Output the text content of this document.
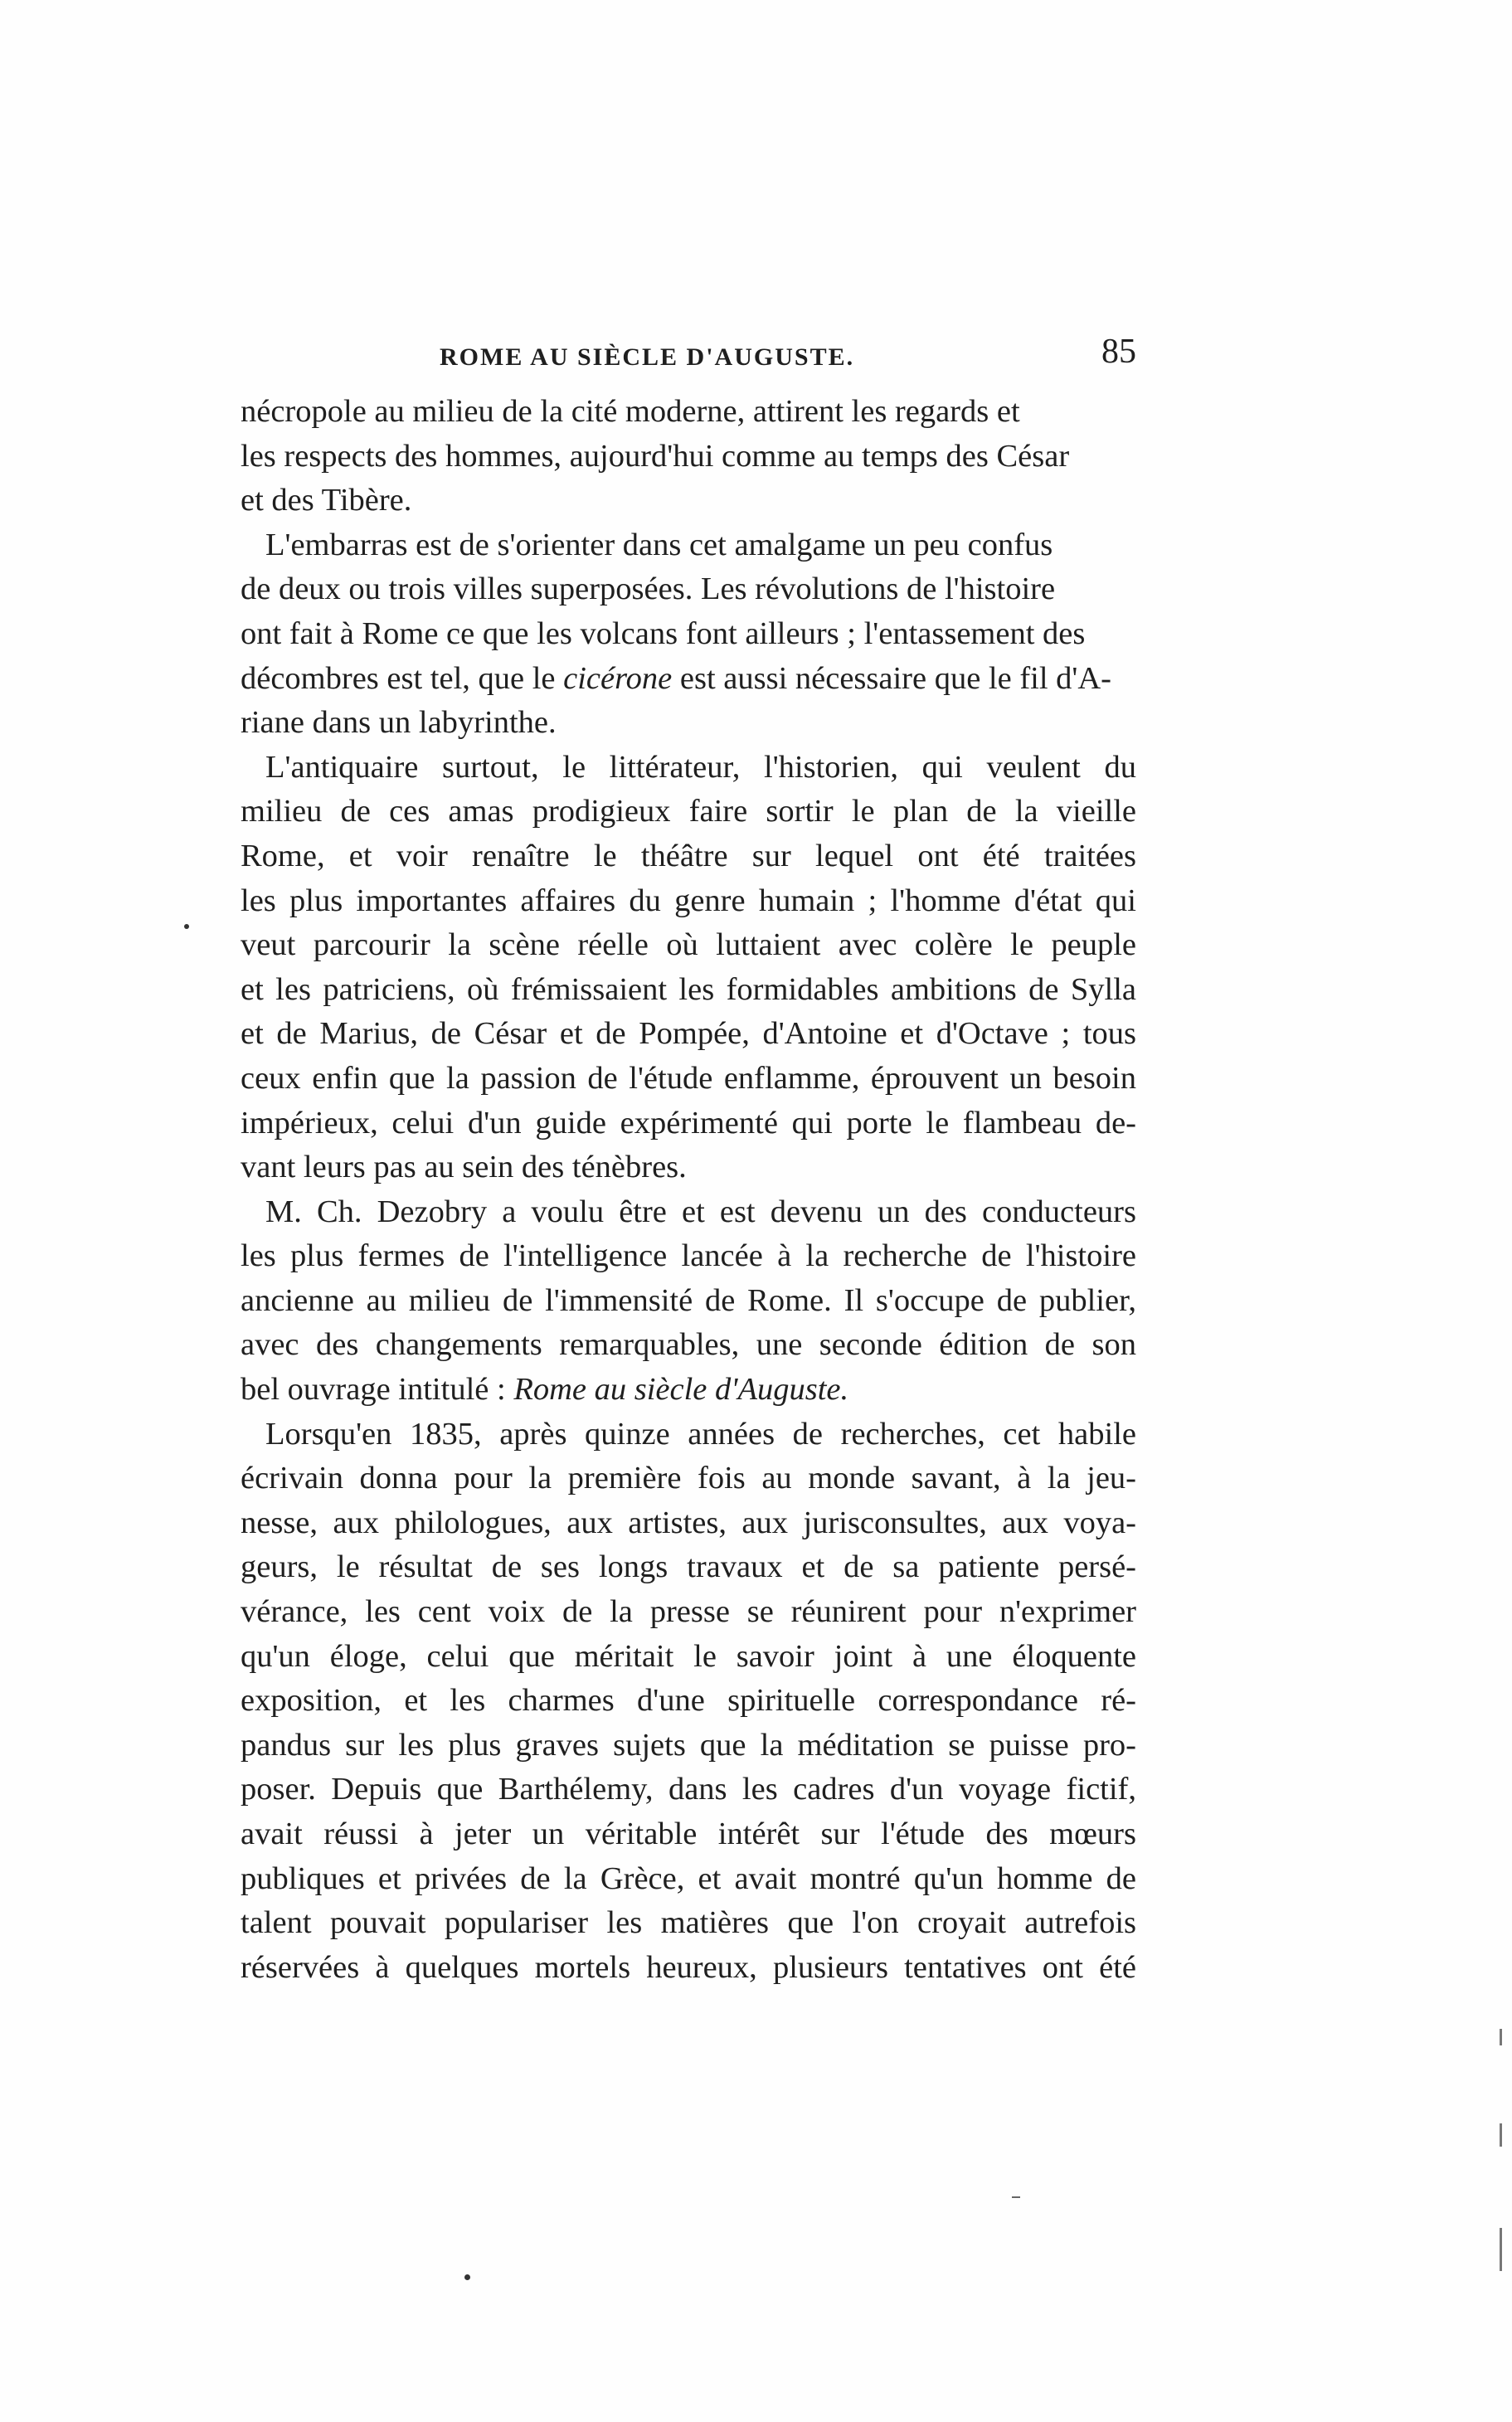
ROME AU SIÈCLE D'AUGUSTE.	85

nécropole au milieu de la cité moderne, attirent les regards et
les respects des hommes, aujourd'hui comme au temps des César
et des Tibère.

L'embarras est de s'orienter dans cet amalgame un peu confus
de deux ou trois villes superposées. Les révolutions de l'histoire
ont fait à Rome ce que les volcans font ailleurs ; l'entassement des
décombres est tel, que le cicérone est aussi nécessaire que le fil d'A-
riane dans un labyrinthe.

L'antiquaire surtout, le littérateur, l'historien, qui veulent du
milieu de ces amas prodigieux faire sortir le plan de la vieille
Rome, et voir renaître le théâtre sur lequel ont été traitées
les plus importantes affaires du genre humain ; l'homme d'état qui
veut parcourir la scène réelle où luttaient avec colère le peuple
et les patriciens, où frémissaient les formidables ambitions de Sylla
et de Marius, de César et de Pompée, d'Antoine et d'Octave ; tous
ceux enfin que la passion de l'étude enflamme, éprouvent un besoin
impérieux, celui d'un guide expérimenté qui porte le flambeau de-
vant leurs pas au sein des ténèbres.

M. Ch. Dezobry a voulu être et est devenu un des conducteurs
les plus fermes de l'intelligence lancée à la recherche de l'histoire
ancienne au milieu de l'immensité de Rome. Il s'occupe de publier,
avec des changements remarquables, une seconde édition de son
bel ouvrage intitulé : Rome au siècle d'Auguste.

Lorsqu'en 1835, après quinze années de recherches, cet habile
écrivain donna pour la première fois au monde savant, à la jeu-
nesse, aux philologues, aux artistes, aux jurisconsultes, aux voya-
geurs, le résultat de ses longs travaux et de sa patiente persé-
vérance, les cent voix de la presse se réunirent pour n'exprimer
qu'un éloge, celui que méritait le savoir joint à une éloquente
exposition, et les charmes d'une spirituelle correspondance ré-
pandus sur les plus graves sujets que la méditation se puisse pro-
poser. Depuis que Barthélemy, dans les cadres d'un voyage fictif,
avait réussi à jeter un véritable intérêt sur l'étude des mœurs
publiques et privées de la Grèce, et avait montré qu'un homme de
talent pouvait populariser les matières que l'on croyait autrefois
réservées à quelques mortels heureux, plusieurs tentatives ont été
